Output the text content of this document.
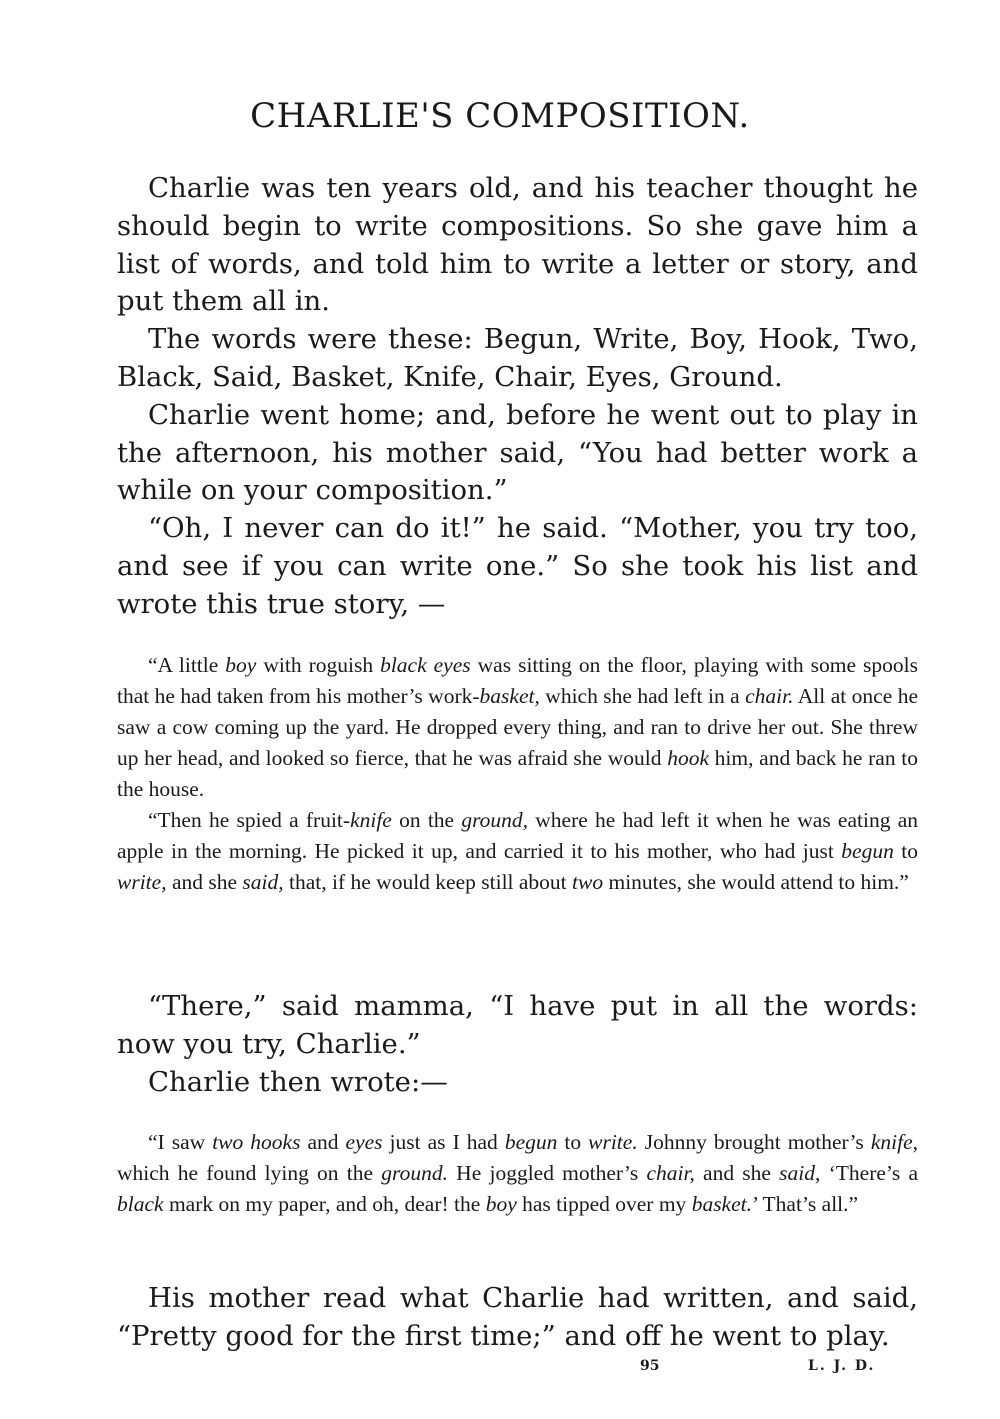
CHARLIE'S COMPOSITION.

Charlie was ten years old, and his teacher thought he should begin to write compositions. So she gave him a list of words, and told him to write a letter or story, and put them all in.

The words were these: Begun, Write, Boy, Hook, Two, Black, Said, Basket, Knife, Chair, Eyes, Ground.

Charlie went home; and, before he went out to play in the afternoon, his mother said, “You had better work a while on your composition.”

“Oh, I never can do it!” he said. “Mother, you try too, and see if you can write one.” So she took his list and wrote this true story, —

“A little boy with roguish black eyes was sitting on the floor, playing with some spools that he had taken from his mother’s work-basket, which she had left in a chair. All at once he saw a cow coming up the yard. He dropped every thing, and ran to drive her out. She threw up her head, and looked so fierce, that he was afraid she would hook him, and back he ran to the house.

“Then he spied a fruit-knife on the ground, where he had left it when he was eating an apple in the morning. He picked it up, and carried it to his mother, who had just begun to write, and she said, that, if he would keep still about two minutes, she would attend to him.”

“There,” said mamma, “I have put in all the words: now you try, Charlie.”

Charlie then wrote:—

“I saw two hooks and eyes just as I had begun to write. Johnny brought mother’s knife, which he found lying on the ground. He joggled mother’s chair, and she said, ‘There’s a black mark on my paper, and oh, dear! the boy has tipped over my basket.’ That’s all.”

His mother read what Charlie had written, and said, “Pretty good for the first time;” and off he went to play.

95	L. J. D.
